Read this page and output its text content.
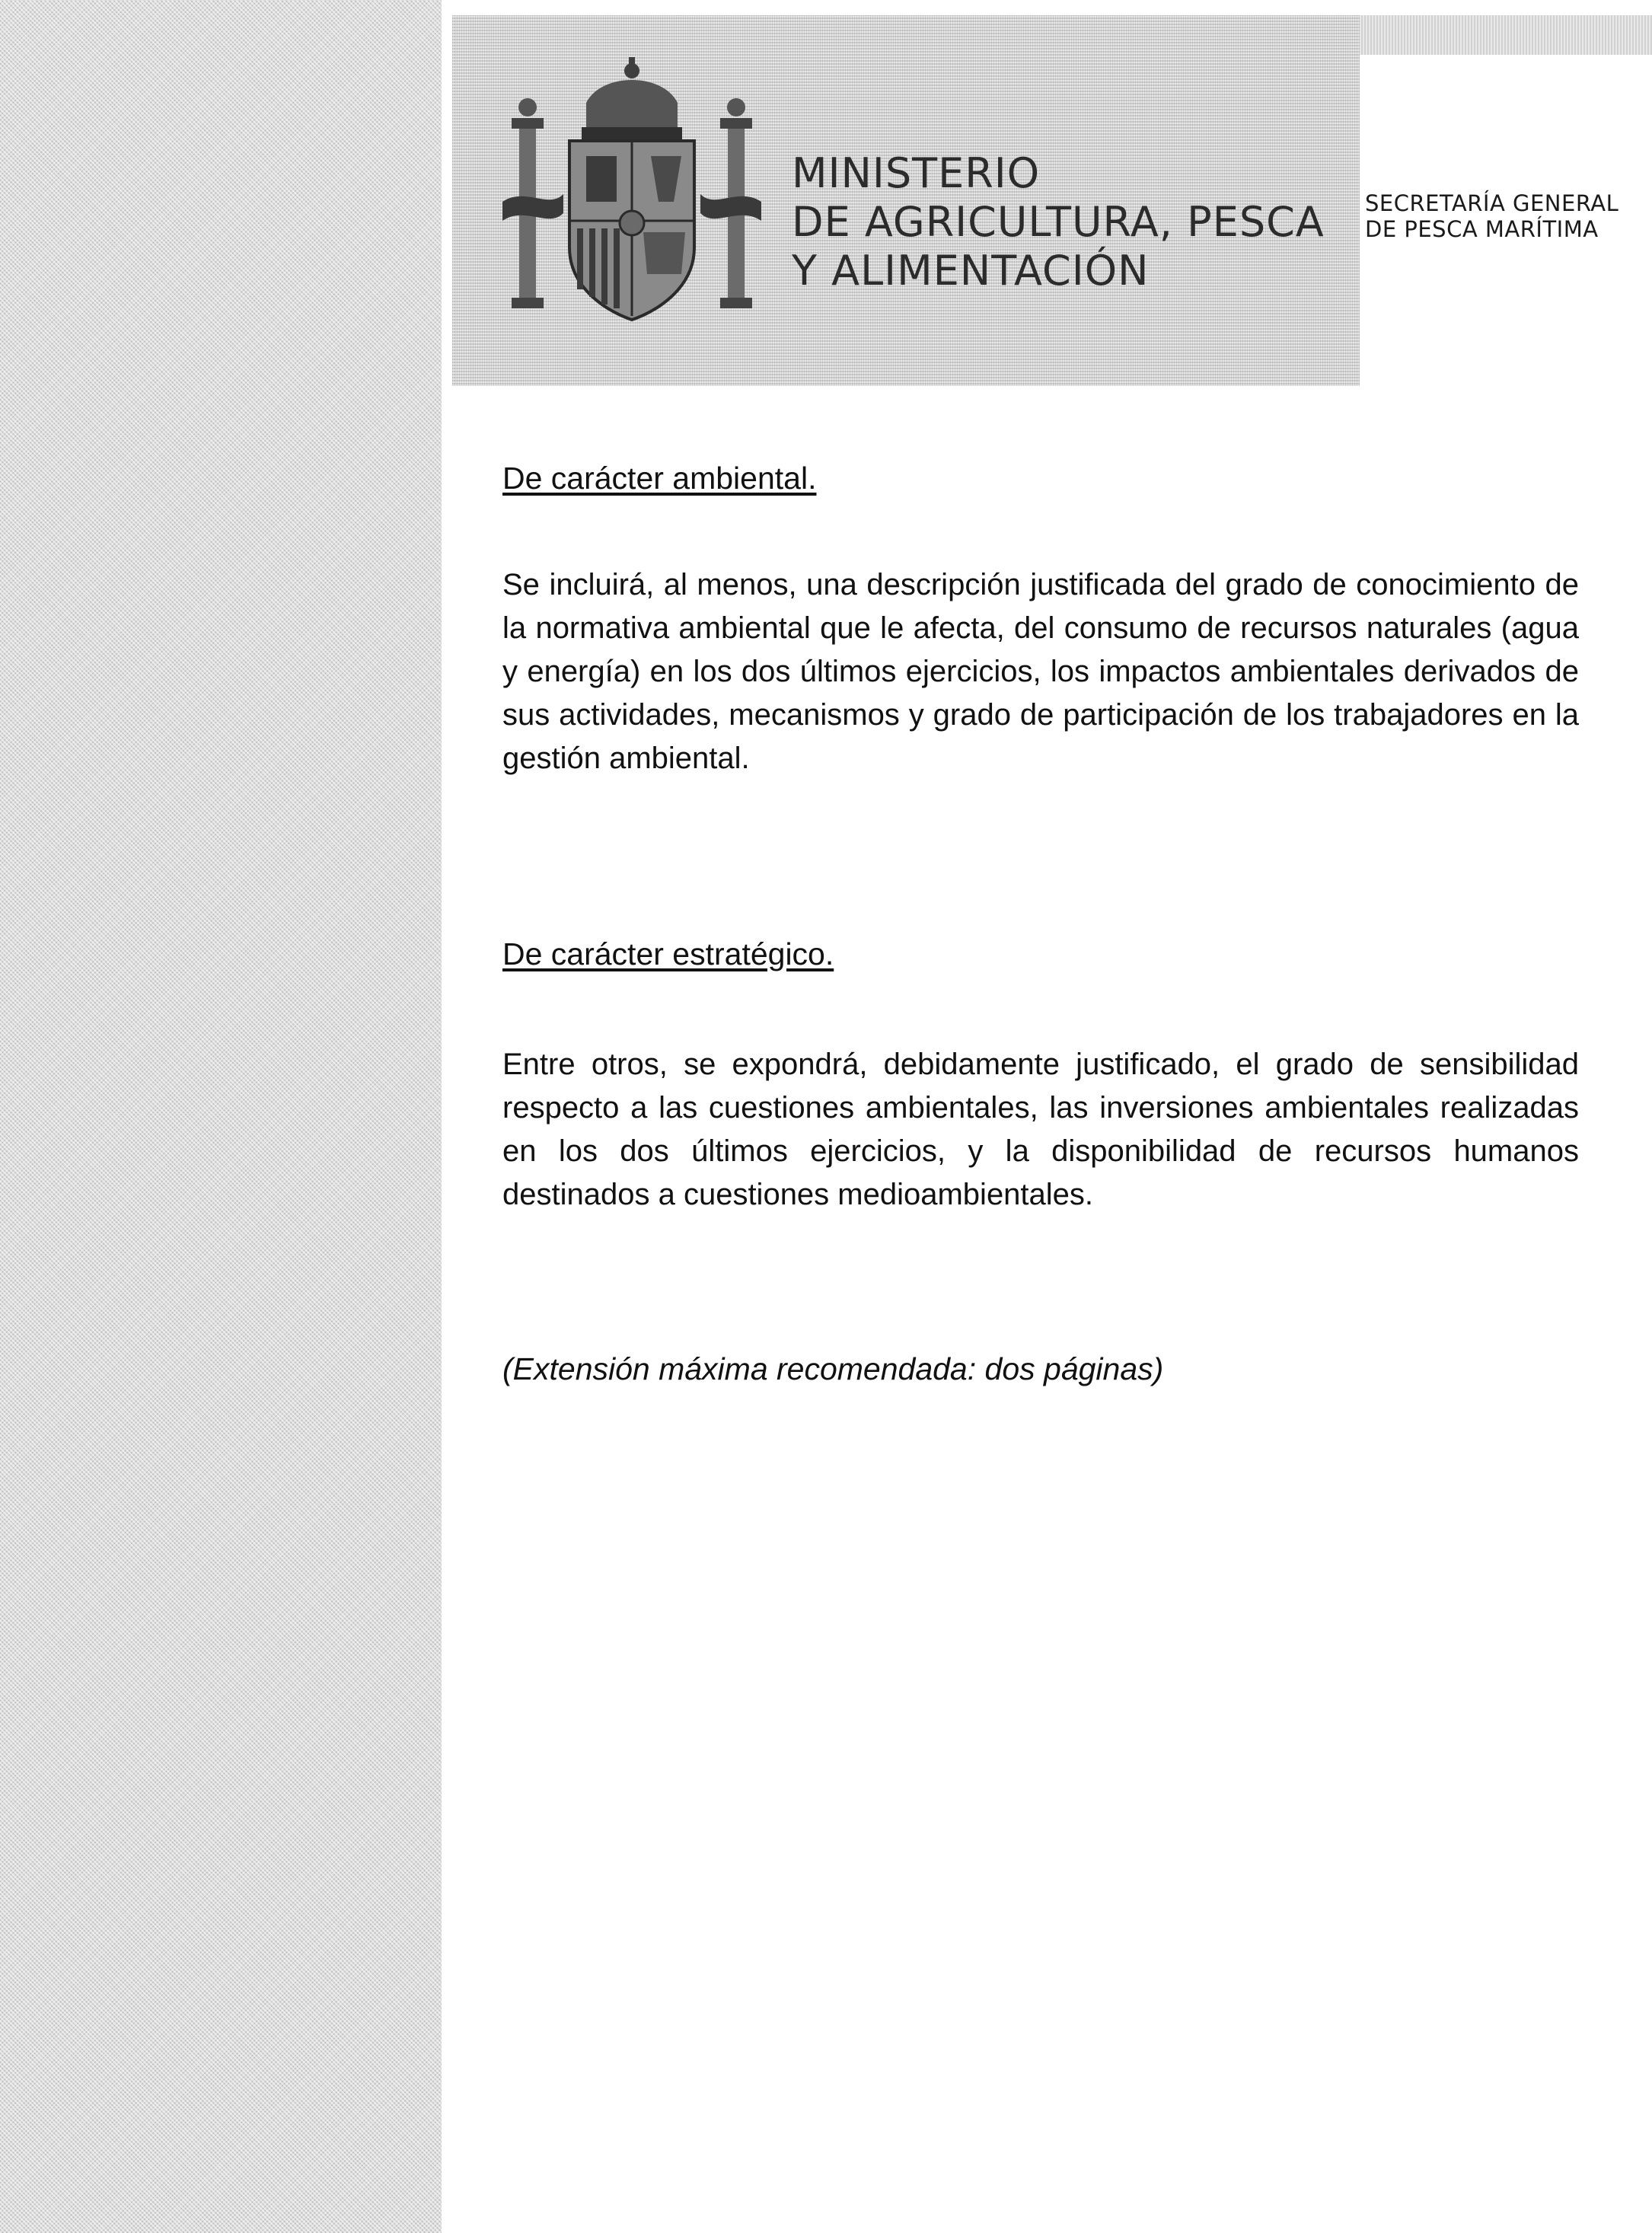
MINISTERIO
DE AGRICULTURA, PESCA
Y ALIMENTACIÓN
SECRETARÍA GENERAL
DE PESCA MARÍTIMA
De carácter ambiental.

Se incluirá, al menos, una descripción justificada del grado de conocimiento de la normativa ambiental que le afecta, del consumo de recursos naturales (agua y energía) en los dos últimos ejercicios, los impactos ambientales derivados de sus actividades, mecanismos y grado de participación de los trabajadores en la gestión ambiental.

De carácter estratégico.

Entre otros, se expondrá, debidamente justificado, el grado de sensibilidad respecto a las cuestiones ambientales, las inversiones ambientales realizadas en los dos últimos ejercicios, y la disponibilidad de recursos humanos destinados a cuestiones medioambientales.

(Extensión máxima recomendada: dos páginas)
